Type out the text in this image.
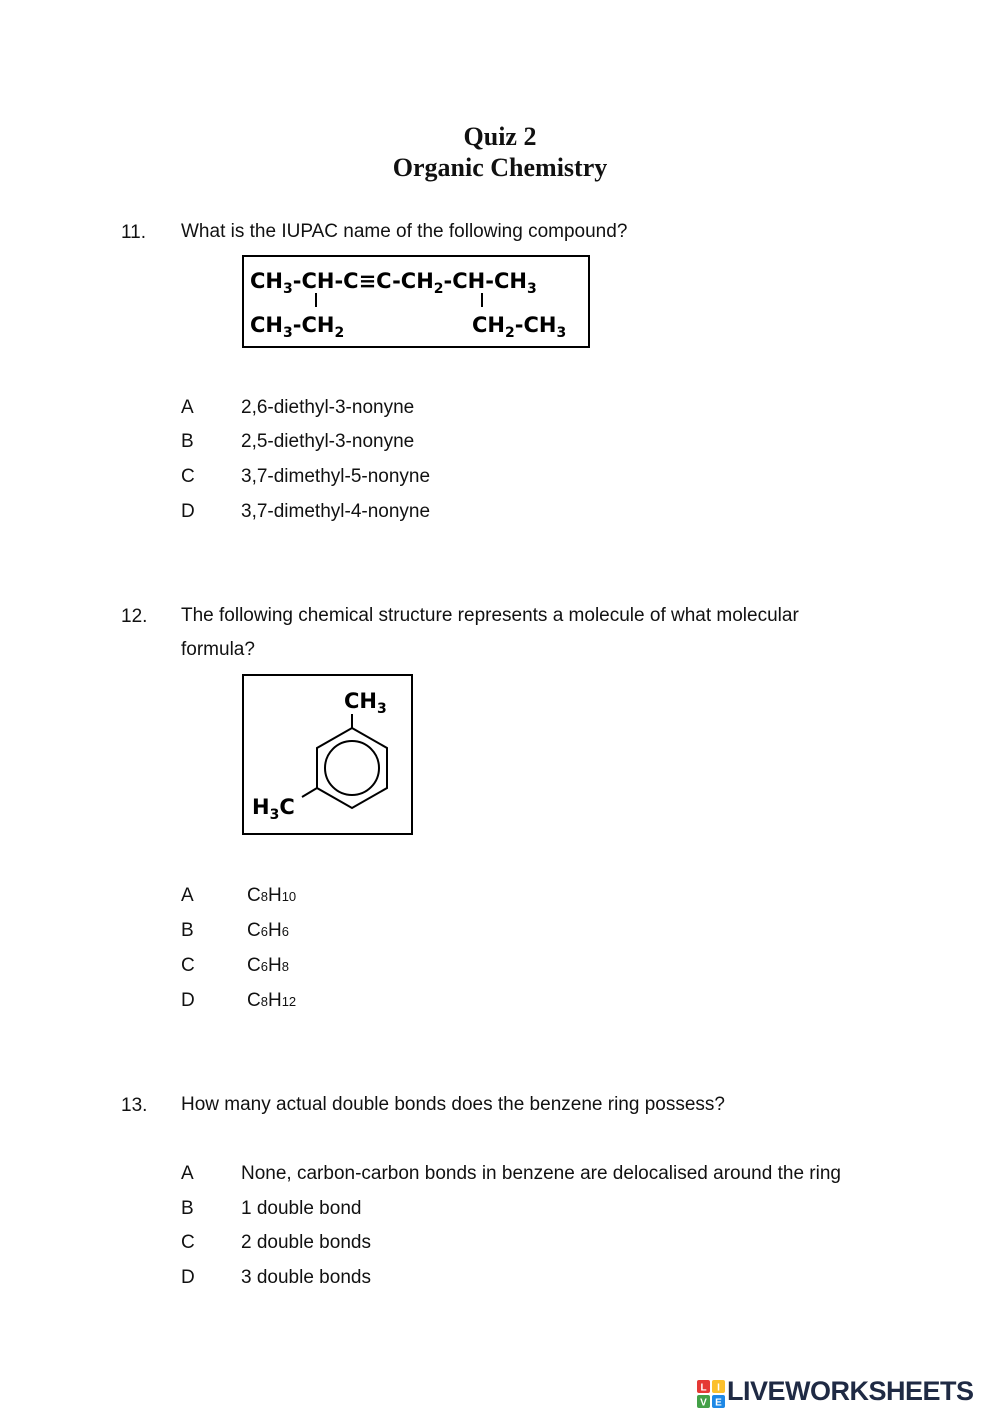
Quiz 2
Organic Chemistry
11. What is the IUPAC name of the following compound?
$CH_3-CH-C\equiv C-CH_2-CH-CH_3$
$CH_3-CH_2$	$CH_2-CH_3$
A 2,6-diethyl-3-nonyne
B 2,5-diethyl-3-nonyne
C 3,7-dimethyl-5-nonyne
D 3,7-dimethyl-4-nonyne
12. The following chemical structure represents a molecule of what molecular
formula?
$CH_3$
$H_3C$
A	C8H10
B	C6H6
C	C6H8
D	C8H12
13. How many actual double bonds does the benzene ring possess?
A None, carbon-carbon bonds in benzene are delocalised around the ring
B 1 double bond
C 2 double bonds
D 3 double bonds
L I
V E LIVEWORKSHEETS
